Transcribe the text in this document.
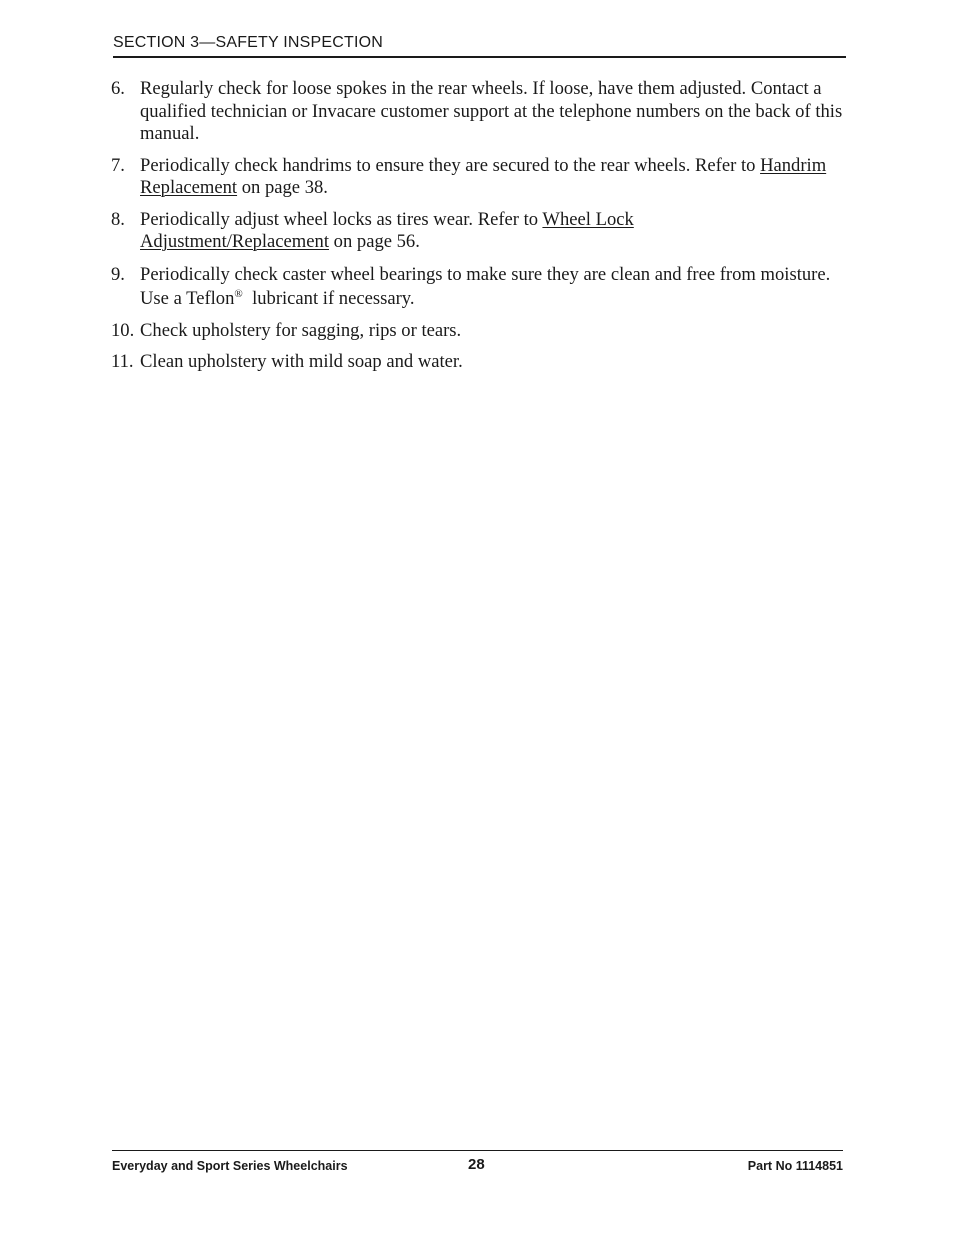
SECTION 3—SAFETY INSPECTION
6. Regularly check for loose spokes in the rear wheels. If loose, have them adjusted. Contact a qualified technician or Invacare customer support at the telephone numbers on the back of this manual.
7. Periodically check handrims to ensure they are secured to the rear wheels. Refer to Handrim Replacement on page 38.
8. Periodically adjust wheel locks as tires wear. Refer to Wheel Lock
Adjustment/Replacement on page 56.
9. Periodically check caster wheel bearings to make sure they are clean and free from moisture. Use a Teflon®  lubricant if necessary.
10. Check upholstery for sagging, rips or tears.
11. Clean upholstery with mild soap and water.
Everyday and Sport Series Wheelchairs	28	Part No 1114851
